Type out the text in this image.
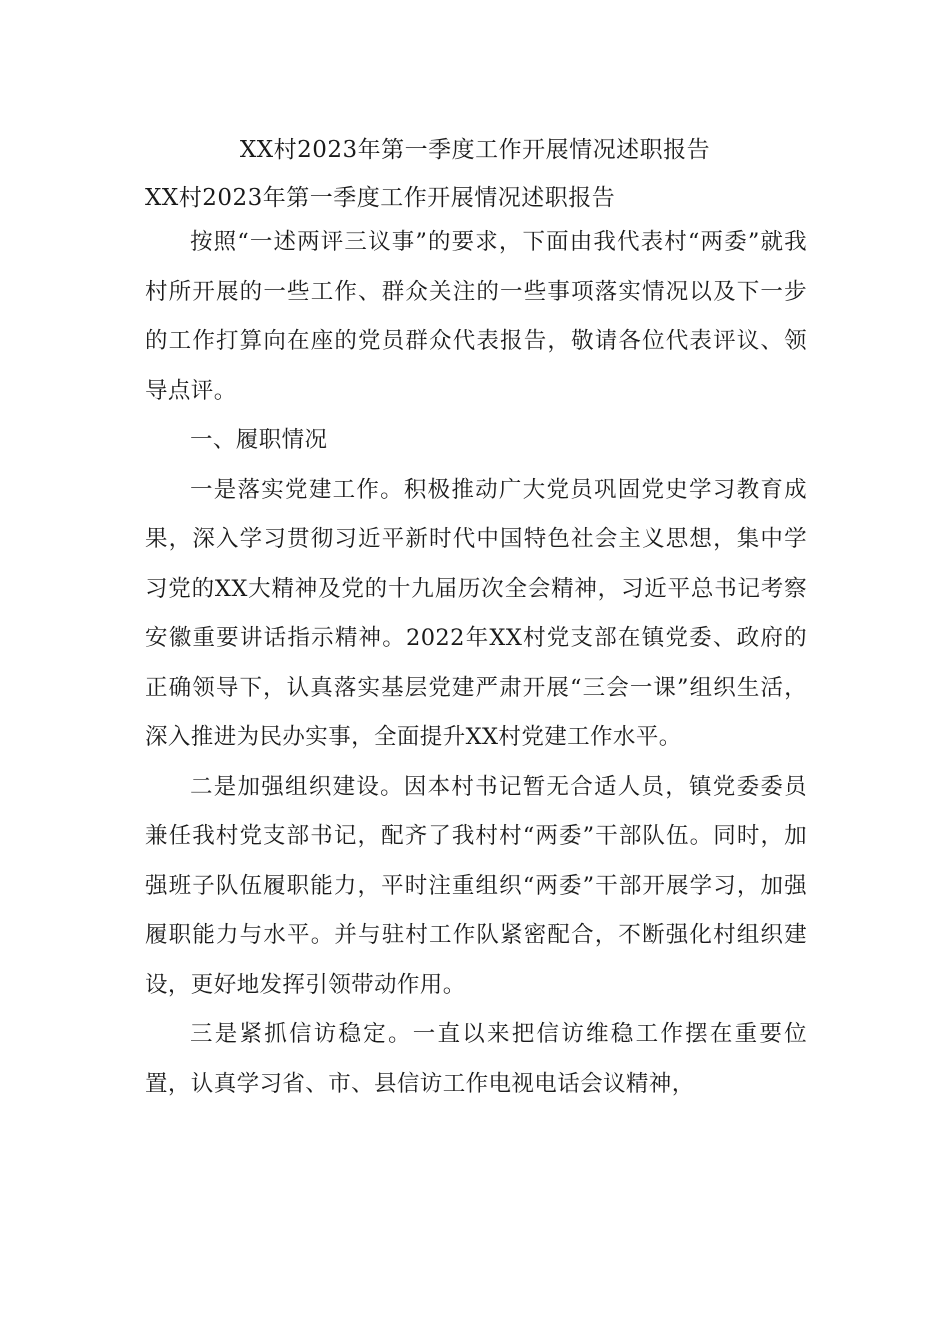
XX村2023年第一季度工作开展情况述职报告

XX村2023年第一季度工作开展情况述职报告

按照“一述两评三议事”的要求，下面由我代表村“两委”就我村所开展的一些工作、群众关注的一些事项落实情况以及下一步的工作打算向在座的党员群众代表报告，敬请各位代表评议、领导点评。

一、履职情况

一是落实党建工作。积极推动广大党员巩固党史学习教育成果，深入学习贯彻习近平新时代中国特色社会主义思想，集中学习党的XX大精神及党的十九届历次全会精神，习近平总书记考察安徽重要讲话指示精神。2022年XX村党支部在镇党委、政府的正确领导下，认真落实基层党建严肃开展“三会一课”组织生活，深入推进为民办实事，全面提升XX村党建工作水平。

二是加强组织建设。因本村书记暂无合适人员，镇党委委员兼任我村党支部书记，配齐了我村村“两委”干部队伍。同时，加强班子队伍履职能力，平时注重组织“两委”干部开展学习，加强履职能力与水平。并与驻村工作队紧密配合，不断强化村组织建设，更好地发挥引领带动作用。

三是紧抓信访稳定。一直以来把信访维稳工作摆在重要位置，认真学习省、市、县信访工作电视电话会议精神，
